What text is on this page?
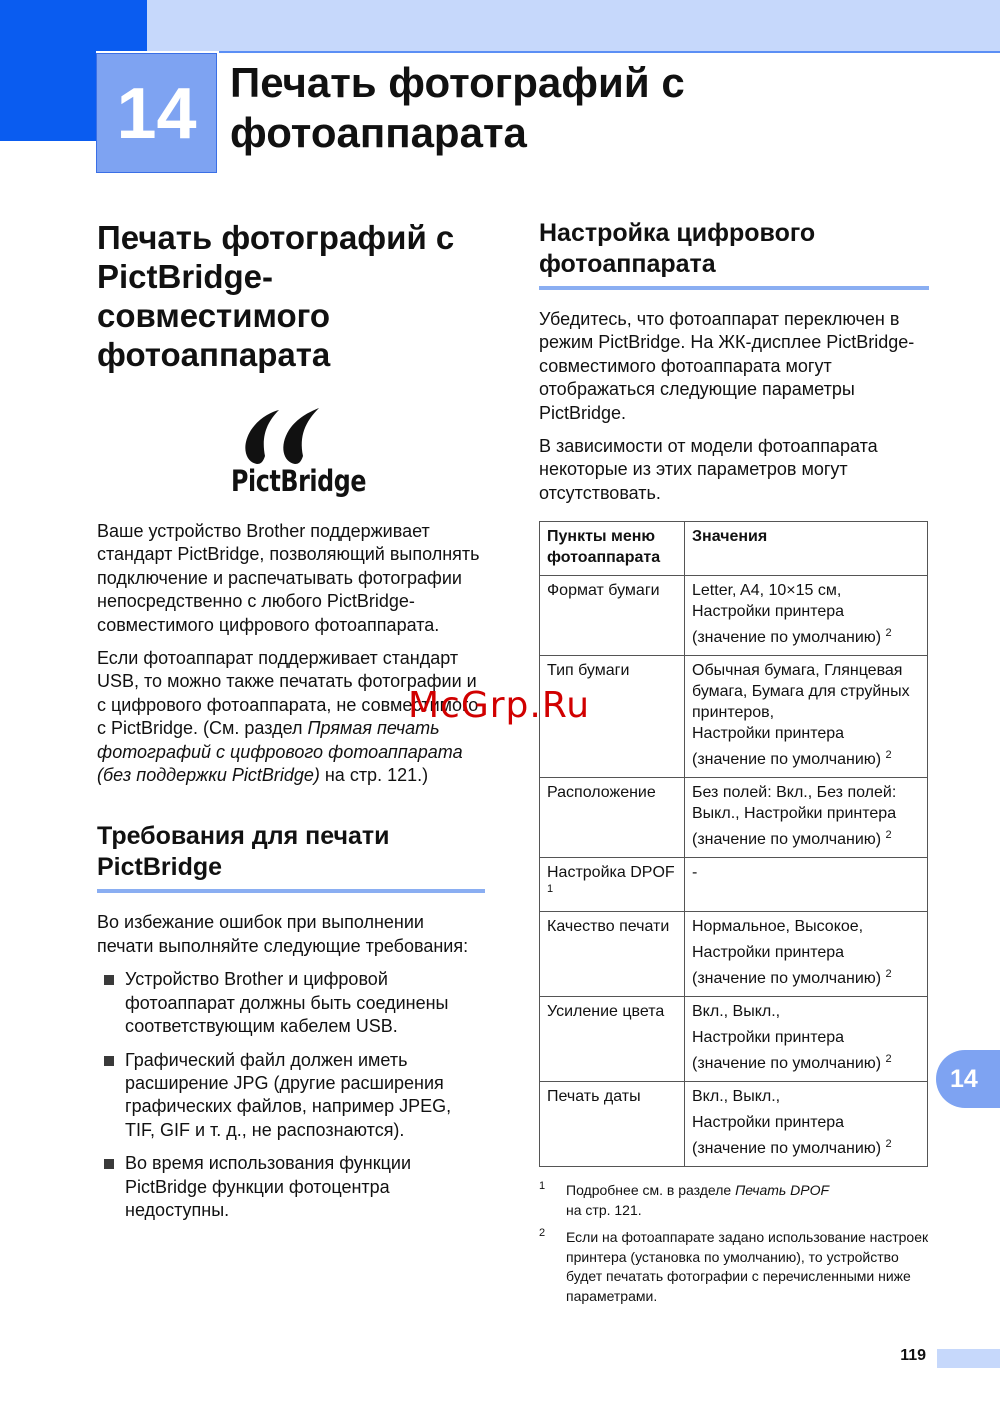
14 Печать фотографий с фотоаппарата
Печать фотографий с PictBridge-совместимого фотоаппарата
PictBridge

Ваше устройство Brother поддерживает стандарт PictBridge, позволяющий выполнять подключение и распечатывать фотографии непосредственно с любого PictBridge-совместимого цифрового фотоаппарата.

Если фотоаппарат поддерживает стандарт USB, то можно также печатать фотографии и с цифрового фотоаппарата, не совместимого с PictBridge. (См. раздел Прямая печать фотографий с цифрового фотоаппарата (без поддержки PictBridge) на стр. 121.)

Требования для печати PictBridge

Во избежание ошибок при выполнении печати выполняйте следующие требования:

Устройство Brother и цифровой фотоаппарат должны быть соединены соответствующим кабелем USB.
Графический файл должен иметь расширение JPG (другие расширения графических файлов, например JPEG, TIF, GIF и т. д., не распознаются).
Во время использования функции PictBridge функции фотоцентра недоступны.
Настройка цифрового фотоаппарата

Убедитесь, что фотоаппарат переключен в режим PictBridge. На ЖК-дисплее PictBridge-совместимого фотоаппарата могут отображаться следующие параметры PictBridge.

В зависимости от модели фотоаппарата некоторые из этих параметров могут отсутствовать.

Пункты меню фотоаппарата	Значения
Формат бумаги	Letter, A4, 10×15 см,
Настройки принтера
(значение по умолчанию) $^2$

Тип бумаги	Обычная бумага, Глянцевая бумага, Бумага для струйных принтеров,
Настройки принтера
(значение по умолчанию) $^2$

Расположение	Без полей: Вкл., Без полей: Выкл., Настройки принтера
(значение по умолчанию) $^2$

Настройка DPOF $^1$	-
Качество печати	Нормальное, Высокое,
Настройки принтера
(значение по умолчанию) $^2$

Усиление цвета	Вкл., Выкл.,
Настройки принтера
(значение по умолчанию) $^2$

Печать даты	Вкл., Выкл.,
Настройки принтера
(значение по умолчанию) $^2$
1 Подробнее см. в разделе Печать DPOF
на стр. 121.
2 Если на фотоаппарате задано использование настроек принтера (установка по умолчанию), то устройство будет печатать фотографии с перечисленными ниже параметрами.
McGrp.Ru
14
119
